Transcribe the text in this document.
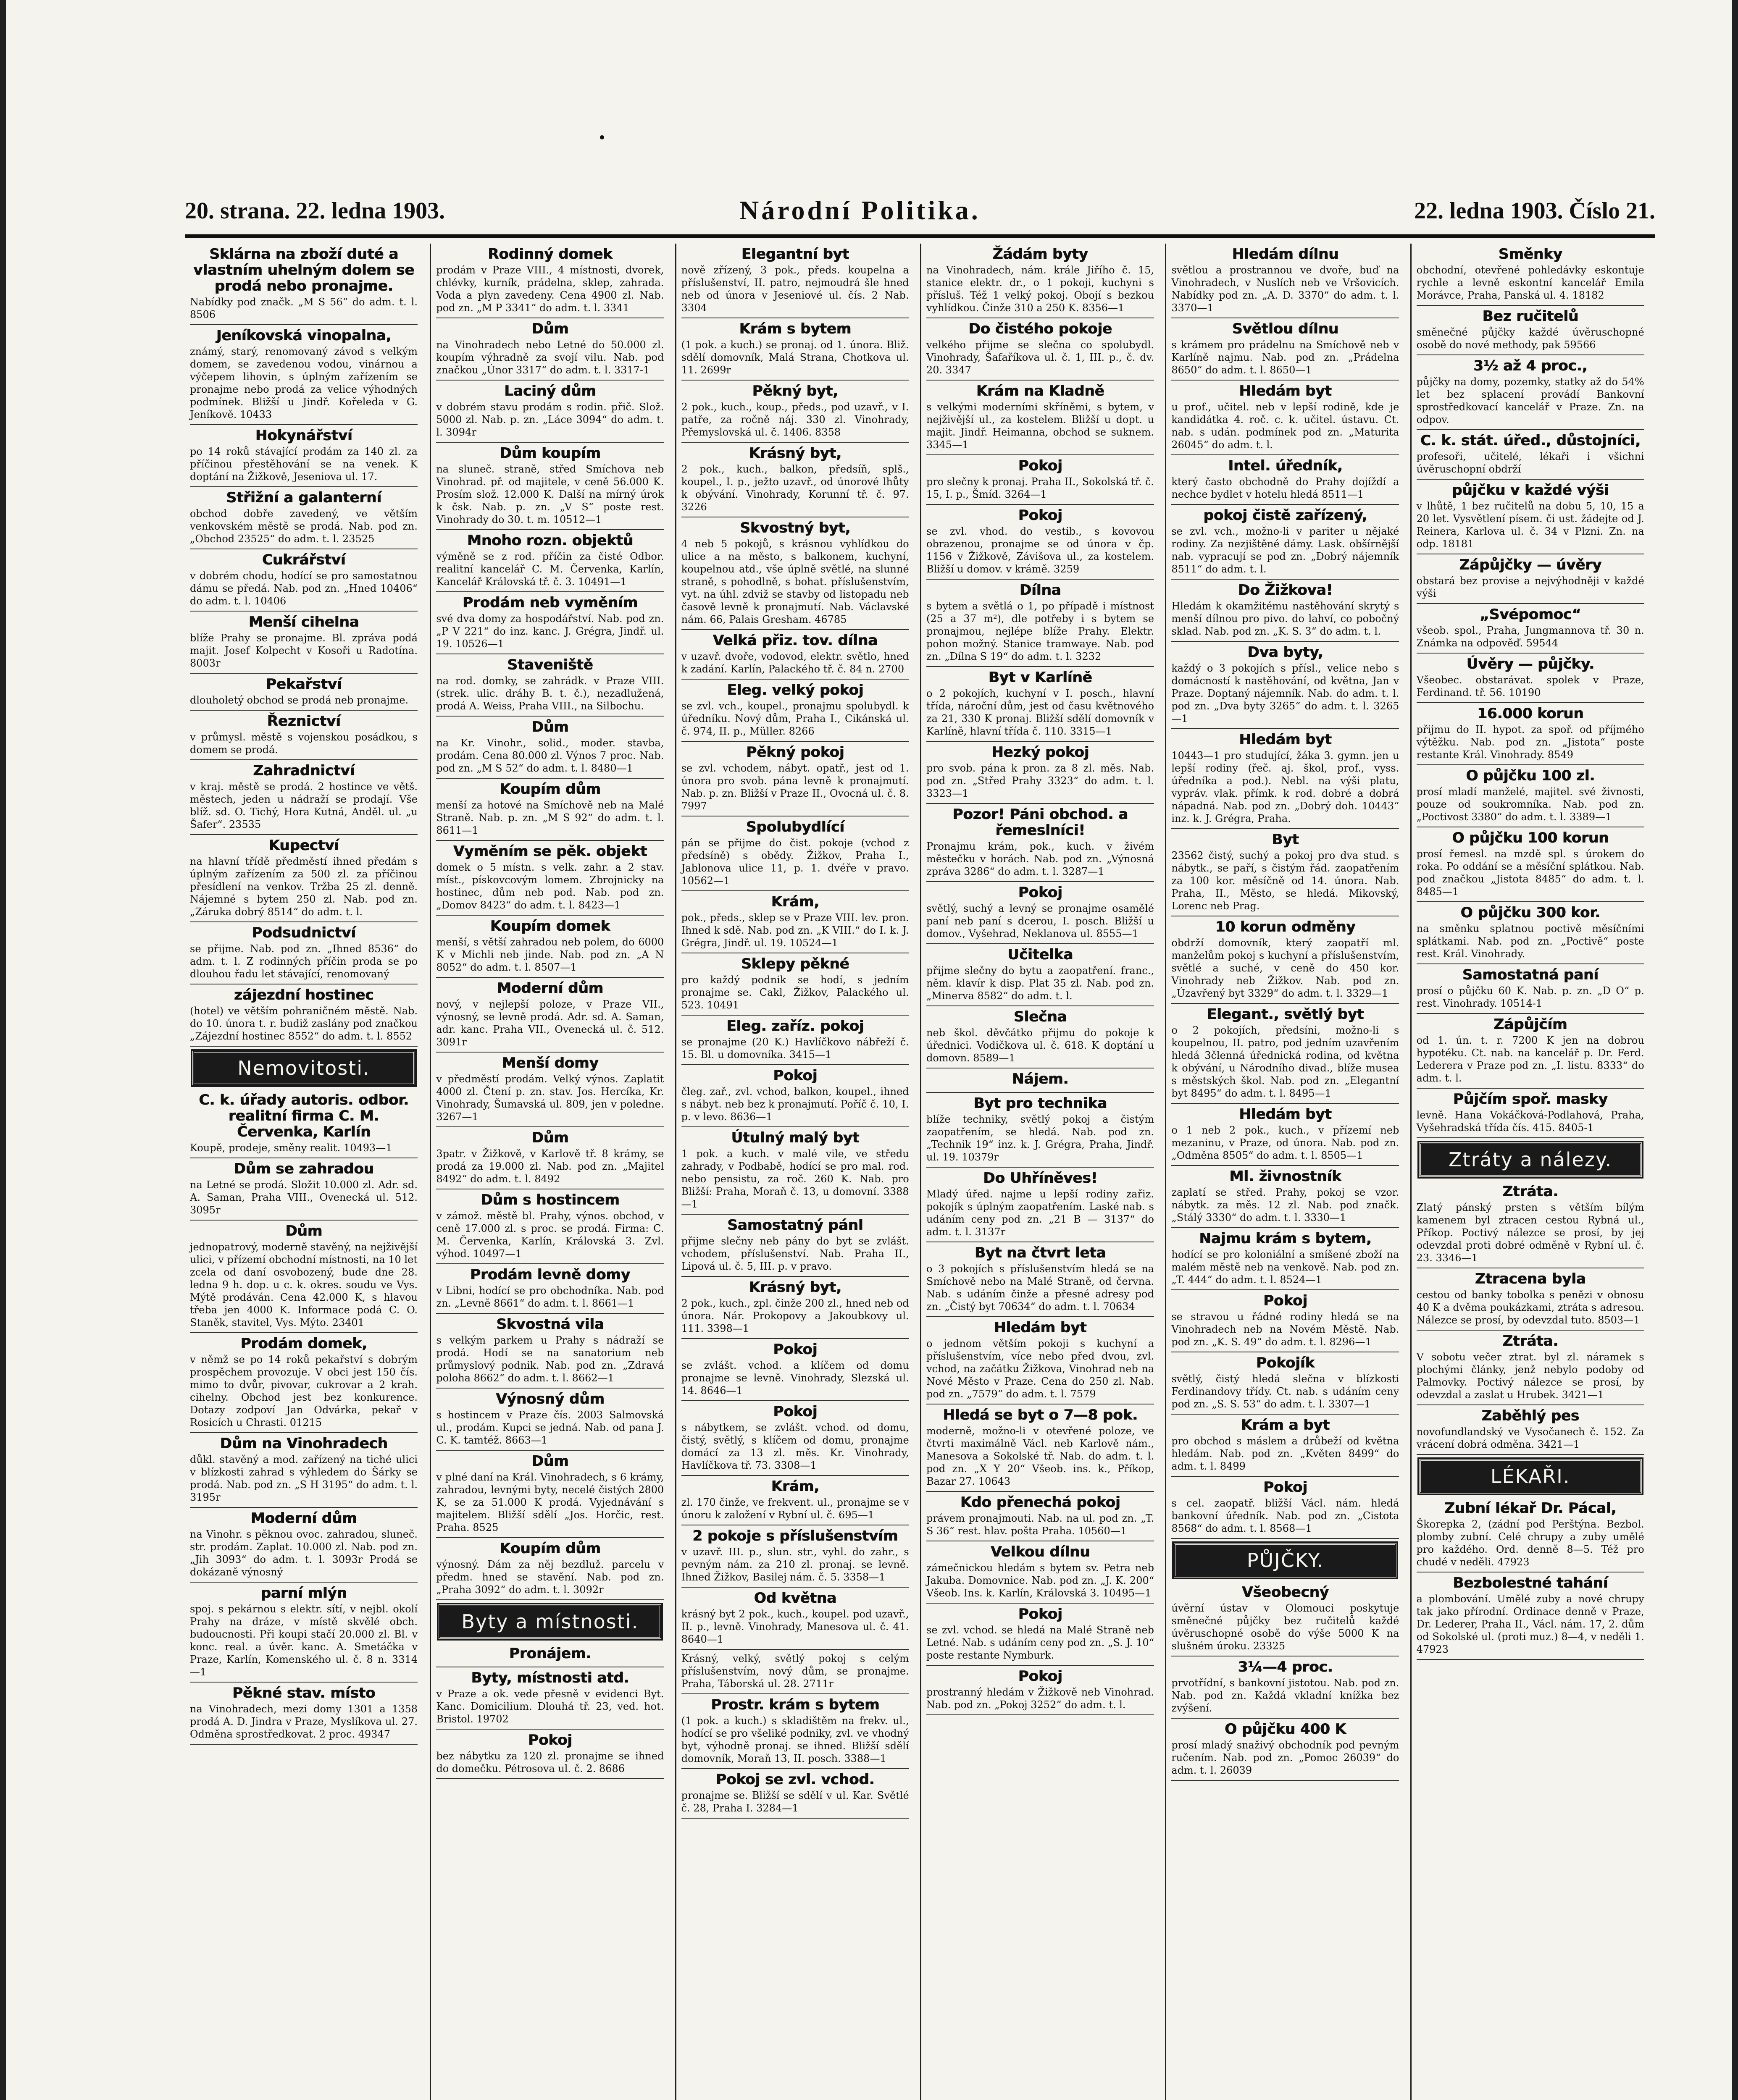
20. strana. 22. ledna 1903.	Národní Politika.	22. ledna 1903. Číslo 21.
Sklárna na zboží duté a vlastním uhelným dolem se prodá nebo pronajme.

Nabídky pod značk. „M S 56“ do adm. t. l. 8506

Jeníkovská vinopalna,

známý, starý, renomovaný závod s velkým domem, se zavedenou vodou, vinárnou a výčepem lihovin, s úplným zařízením se pronajme nebo prodá za velice výhodných podmínek. Bližší u Jindř. Kořeleda v G. Jeníkově. 10433

Hokynářství

po 14 roků stávající prodám za 140 zl. za příčinou přestěhování se na venek. K doptání na Žižkově, Jeseniova ul. 17.

Střižní a galanterní

obchod dobře zavedený, ve větším venkovském městě se prodá. Nab. pod zn. „Obchod 23525“ do adm. t. l. 23525

Cukrářství

v dobrém chodu, hodící se pro samostatnou dámu se předá. Nab. pod zn. „Hned 10406“ do adm. t. l. 10406

Menší cihelna

blíže Prahy se pronajme. Bl. zpráva podá majit. Josef Kolpecht v Kosoři u Radotína. 8003r

Pekařství

dlouholetý obchod se prodá neb pronajme.

Řeznictví

v průmysl. městě s vojenskou posádkou, s domem se prodá.

Zahradnictví

v kraj. městě se prodá. 2 hostince ve větš. městech, jeden u nádraží se prodají. Vše blíž. sd. O. Tichý, Hora Kutná, Anděl. ul. „u Šafer“. 23535

Kupectví

na hlavní třídě předměstí ihned předám s úplným zařízením za 500 zl. za příčinou přesídlení na venkov. Tržba 25 zl. denně. Nájemné s bytem 250 zl. Nab. pod zn. „Záruka dobrý 8514“ do adm. t. l.

Podsudnictví

se přijme. Nab. pod zn. „Ihned 8536“ do adm. t. l. Z rodinných příčin proda se po dlouhou řadu let stávající, renomovaný

zájezdní hostinec

(hotel) ve větším pohraničném městě. Nab. do 10. února t. r. budiž zaslány pod značkou „Zájezdní hostinec 8552“ do adm. t. l. 8552

Nemovitosti.
C. k. úřady autoris. odbor. realitní firma C. M. Červenka, Karlín

Koupě, prodeje, směny realit. 10493—1

Dům se zahradou

na Letné se prodá. Složit 10.000 zl. Adr. sd. A. Saman, Praha VIII., Ovenecká ul. 512. 3095r

Dům

jednopatrový, moderně stavěný, na nejživější ulici, v přízemí obchodní místnosti, na 10 let zcela od daní osvobozený, bude dne 28. ledna 9 h. dop. u c. k. okres. soudu ve Vys. Mýtě prodáván. Cena 42.000 K, s hlavou třeba jen 4000 K. Informace podá C. O. Staněk, stavitel, Vys. Mýto. 23401

Prodám domek,

v němž se po 14 roků pekařství s dobrým prospěchem provozuje. V obci jest 150 čís. mimo to dvůr, pivovar, cukrovar a 2 krah. cihelny. Obchod jest bez konkurence. Dotazy zodpoví Jan Odvárka, pekař v Rosicích u Chrasti. 01215

Dům na Vinohradech

důkl. stavěný a mod. zařízený na tiché ulici v blízkosti zahrad s výhledem do Šárky se prodá. Nab. pod zn. „S H 3195“ do adm. t. l. 3195r

Moderní dům

na Vinohr. s pěknou ovoc. zahradou, sluneč. str. prodám. Zaplat. 10.000 zl. Nab. pod zn. „Jih 3093“ do adm. t. l. 3093r Prodá se dokázaně výnosný

parní mlýn

spoj. s pekárnou s elektr. sítí, v nejbl. okolí Prahy na dráze, v místě skvělé obch. budoucnosti. Při koupi stačí 20.000 zl. Bl. v konc. real. a úvěr. kanc. A. Smetáčka v Praze, Karlín, Komenského ul. č. 8 n. 3314—1

Pěkné stav. místo

na Vinohradech, mezi domy 1301 a 1358 prodá A. D. Jindra v Praze, Myslíkova ul. 27. Odměna sprostředkovat. 2 proc. 49347

Rodinný domek

prodám v Praze VIII., 4 místnosti, dvorek, chlévky, kurník, prádelna, sklep, zahrada. Voda a plyn zavedeny. Cena 4900 zl. Nab. pod zn. „M P 3341“ do adm. t. l. 3341

Dům

na Vinohradech nebo Letné do 50.000 zl. koupím výhradně za svojí vilu. Nab. pod značkou „Únor 3317“ do adm. t. l. 3317-1

Laciný dům

v dobrém stavu prodám s rodin. přič. Slož. 5000 zl. Nab. p. zn. „Láce 3094“ do adm. t. l. 3094r

Dům koupím

na sluneč. straně, střed Smíchova neb Vinohrad. př. od majitele, v ceně 56.000 K. Prosím slož. 12.000 K. Další na mírný úrok k čsk. Nab. p. zn. „V S“ poste rest. Vinohrady do 30. t. m. 10512—1

Mnoho rozn. objektů

výměně se z rod. příčin za čisté Odbor. realitní kancelář C. M. Červenka, Karlín, Kancelář Královská tř. č. 3. 10491—1

Prodám neb vyměním

své dva domy za hospodářství. Nab. pod zn. „P V 221“ do inz. kanc. J. Grégra, Jindř. ul. 19. 10526—1

Staveniště

na rod. domky, se zahrádk. v Praze VIII. (strek. ulic. dráhy B. t. č.), nezadlužená, prodá A. Weiss, Praha VIII., na Silbochu.

Dům

na Kr. Vinohr., solid., moder. stavba, prodám. Cena 80.000 zl. Výnos 7 proc. Nab. pod zn. „M S 52“ do adm. t. l. 8480—1

Koupím dům

menší za hotové na Smíchově neb na Malé Straně. Nab. p. zn. „M S 92“ do adm. t. l. 8611—1

Vyměním se pěk. objekt

domek o 5 místn. s velk. zahr. a 2 stav. míst., pískovcovým lomem. Zbrojnicky na hostinec, dům neb pod. Nab. pod zn. „Domov 8423“ do adm. t. l. 8423—1

Koupím domek

menší, s větší zahradou neb polem, do 6000 K v Michli neb jinde. Nab. pod zn. „A N 8052“ do adm. t. l. 8507—1

Moderní dům

nový, v nejlepší poloze, v Praze VII., výnosný, se levně prodá. Adr. sd. A. Saman, adr. kanc. Praha VII., Ovenecká ul. č. 512. 3091r

Menší domy

v předměstí prodám. Velký výnos. Zaplatit 4000 zl. Čtení p. zn. stav. Jos. Hercíka, Kr. Vinohrady, Šumavská ul. 809, jen v poledne. 3267—1

Dům

3patr. v Žižkově, v Karlově tř. 8 krámy, se prodá za 19.000 zl. Nab. pod zn. „Majitel 8492“ do adm. t. l. 8492

Dům s hostincem

v zámož. městě bl. Prahy, výnos. obchod, v ceně 17.000 zl. s proc. se prodá. Firma: C. M. Červenka, Karlín, Královská 3. Zvl. výhod. 10497—1

Prodám levně domy

v Libni, hodící se pro obchodníka. Nab. pod zn. „Levně 8661“ do adm. t. l. 8661—1

Skvostná vila

s velkým parkem u Prahy s nádraží se prodá. Hodí se na sanatorium neb průmyslový podnik. Nab. pod zn. „Zdravá poloha 8662“ do adm. t. l. 8662—1

Výnosný dům

s hostincem v Praze čís. 2003 Salmovská ul., prodám. Kupci se jedná. Nab. od pana J. C. K. tamtéž. 8663—1

Dům

v plné daní na Král. Vinohradech, s 6 krámy, zahradou, levnými byty, necelé čistých 2800 K, se za 51.000 K prodá. Vyjednávání s majitelem. Bližší sdělí „Jos. Horčic, rest. Praha. 8525

Koupím dům

výnosný. Dám za něj bezdluž. parcelu v předm. hned se stavění. Nab. pod zn. „Praha 3092“ do adm. t. l. 3092r

Byty a místnosti.
Pronájem.
Byty, místnosti atd.

v Praze a ok. vede přesně v evidenci Byt. Kanc. Domicilium. Dlouhá tř. 23, ved. hot. Bristol. 19702

Pokoj

bez nábytku za 120 zl. pronajme se ihned do domečku. Pétrosova ul. č. 2. 8686

Elegantní byt

nově zřízený, 3 pok., předs. koupelna a příslušenství, II. patro, nejmoudrá šle hned neb od února v Jeseniové ul. čís. 2 Nab. 3304

Krám s bytem

(1 pok. a kuch.) se pronaj. od 1. února. Bliž. sdělí domovník, Malá Strana, Chotkova ul. 11. 2699r

Pěkný byt,

2 pok., kuch., koup., předs., pod uzavř., v I. patře, za ročně náj. 330 zl. Vinohrady, Přemyslovská ul. č. 1406. 8358

Krásný byt,

2 pok., kuch., balkon, předsíň, splš., koupel., I. p., ježto uzavř., od únorové lhůty k obývání. Vinohrady, Korunní tř. č. 97. 3226

Skvostný byt,

4 neb 5 pokojů, s krásnou vyhlídkou do ulice a na město, s balkonem, kuchyní, koupelnou atd., vše úplně světlé, na slunné straně, s pohodlně, s bohat. příslušenstvím, vyt. na úhl. zdviž se stavby od listopadu neb časově levně k pronajmutí. Nab. Václavské nám. 66, Palais Gresham. 46785

Velká přiz. tov. dílna

v uzavř. dvoře, vodovod, elektr. světlo, hned k zadání. Karlín, Palackého tř. č. 84 n. 2700

Eleg. velký pokoj

se zvl. vch., koupel., pronajmu spolubydl. k úředníku. Nový dům, Praha I., Cikánská ul. č. 974, II. p., Müller. 8266

Pěkný pokoj

se zvl. vchodem, nábyt. opatř., jest od 1. února pro svob. pána levně k pronajmutí. Nab. p. zn. Bližší v Praze II., Ovocná ul. č. 8. 7997

Spolubydlící

pán se přijme do čist. pokoje (vchod z předsíně) s obědy. Žižkov, Praha I., Jablonova ulice 11, p. 1. dvéře v pravo. 10562—1

Krám,

pok., předs., sklep se v Praze VIII. lev. pron. Ihned k sdě. Nab. pod zn. „K VIII.“ do I. k. J. Grégra, Jindř. ul. 19. 10524—1

Sklepy pěkné

pro každý podnik se hodí, s jedním pronajme se. Cakl, Žižkov, Palackého ul. 523. 10491

Eleg. zaříz. pokoj

se pronajme (20 K.) Havlíčkovo nábřeží č. 15. Bl. u domovníka. 3415—1

Pokoj

čleg. zař., zvl. vchod, balkon, koupel., ihned s nábyt. neb bez k pronajmutí. Poříč č. 10, I. p. v levo. 8636—1

Útulný malý byt

1 pok. a kuch. v malé vile, ve středu zahrady, v Podbabě, hodící se pro mal. rod. nebo pensistu, za roč. 260 K. Nab. pro Bližší: Praha, Moraň č. 13, u domovní. 3388—1

Samostatný pánl

přijme slečny neb pány do byt se zvlášt. vchodem, příslušenství. Nab. Praha II., Lipová ul. č. 5, III. p. v pravo.

Krásný byt,

2 pok., kuch., zpl. činže 200 zl., hned neb od února. Nár. Prokopovy a Jakoubkovy ul. 111. 3398—1

Pokoj

se zvlášt. vchod. a klíčem od domu pronajme se levně. Vinohrady, Slezská ul. 14. 8646—1

Pokoj

s nábytkem, se zvlášt. vchod. od domu, čistý, světlý, s klíčem od domu, pronajme domácí za 13 zl. měs. Kr. Vinohrady, Havlíčkova tř. 73. 3308—1

Krám,

zl. 170 činže, ve frekvent. ul., pronajme se v únoru k založení v Rybní ul. č. 695—1

2 pokoje s příslušenstvím

v uzavř. III. p., slun. str., vyhl. do zahr., s pevným nám. za 210 zl. pronaj. se levně. Ihned Žižkov, Basilej nám. č. 5. 3358—1

Od května

krásný byt 2 pok., kuch., koupel. pod uzavř., II. p., levně. Vinohrady, Manesova ul. č. 41. 8640—1

Krásný, velký, světlý pokoj s celým příslušenstvím, nový dům, se pronajme. Praha, Táborská ul. 28. 2711r

Prostr. krám s bytem

(1 pok. a kuch.) s skladištěm na frekv. ul., hodící se pro všeliké podniky, zvl. ve vhodný byt, výhodně pronaj. se ihned. Bližší sdělí domovník, Moraň 13, II. posch. 3388—1

Pokoj se zvl. vchod.

pronajme se. Bližší se sdělí v ul. Kar. Světlé č. 28, Praha I. 3284—1

Žádám byty

na Vinohradech, nám. krále Jiřího č. 15, stanice elektr. dr., o 1 pokoji, kuchyni s přísluš. Též 1 velký pokoj. Obojí s bezkou vyhlídkou. Činže 310 a 250 K. 8356—1

Do čistého pokoje

velkého přijme se slečna co spolubydl. Vinohrady, Šafaříkova ul. č. 1, III. p., č. dv. 20. 3347

Krám na Kladně

s velkými moderními skříněmi, s bytem, v nejživější ul., za kostelem. Bližší u dopt. u majit. Jindř. Heimanna, obchod se suknem. 3345—1

Pokoj

pro slečny k pronaj. Praha II., Sokolská tř. č. 15, I. p., Šmíd. 3264—1

Pokoj

se zvl. vhod. do vestib., s kovovou obrazenou, pronajme se od února v čp. 1156 v Žižkově, Závišova ul., za kostelem. Bližší u domov. v krámě. 3259

Dílna

s bytem a světlá o 1, po případě i místnost (25 a 37 m²), dle potřeby i s bytem se pronajmou, nejlépe blíže Prahy. Elektr. pohon možný. Stanice tramwaye. Nab. pod zn. „Dílna S 19“ do adm. t. l. 3232

Byt v Karlíně

o 2 pokojích, kuchyní v I. posch., hlavní třída, nároční dům, jest od času květnového za 21, 330 K pronaj. Bližší sdělí domovník v Karlíně, hlavní třída č. 110. 3315—1

Hezký pokoj

pro svob. pána k pron. za 8 zl. měs. Nab. pod zn. „Střed Prahy 3323“ do adm. t. l. 3323—1

Pozor! Páni obchod. a řemeslníci!

Pronajmu krám, pok., kuch. v živém městečku v horách. Nab. pod zn. „Výnosná zpráva 3286“ do adm. t. l. 3287—1

Pokoj

světlý, suchý a levný se pronajme osamělé paní neb paní s dcerou, I. posch. Bližší u domov., Vyšehrad, Neklanova ul. 8555—1

Učitelka

přijme slečny do bytu a zaopatření. franc., něm. klavír k disp. Plat 35 zl. Nab. pod zn. „Minerva 8582“ do adm. t. l.

Slečna

neb škol. děvčátko přijmu do pokoje k úřednici. Vodičkova ul. č. 618. K doptání u domovn. 8589—1

Nájem.
Byt pro technika

blíže techniky, světlý pokoj a čistým zaopatřením, se hledá. Nab. pod zn. „Technik 19“ inz. k. J. Grégra, Praha, Jindř. ul. 19. 10379r

Do Uhříněves!

Mladý úřed. najme u lepší rodiny zařiz. pokojík s úplným zaopatřením. Laské nab. s udáním ceny pod zn. „21 B — 3137“ do adm. t. l. 3137r

Byt na čtvrt leta

o 3 pokojích s příslušenstvím hledá se na Smíchově nebo na Malé Straně, od června. Nab. s udáním činže a přesné adresy pod zn. „Čistý byt 70634“ do adm. t. l. 70634

Hledám byt

o jednom větším pokoji s kuchyní a příslušenstvím, více nebo před dvou, zvl. vchod, na začátku Žižkova, Vinohrad neb na Nové Město v Praze. Cena do 250 zl. Nab. pod zn. „7579“ do adm. t. l. 7579

Hledá se byt o 7—8 pok.

moderně, možno-li v otevřené poloze, ve čtvrti maximálně Václ. neb Karlově nám., Manesova a Sokolské tř. Nab. do adm. t. l. pod zn. „X Y 20“ Všeob. ins. k., Příkop, Bazar 27. 10643

Kdo přenechá pokoj

právem pronajmouti. Nab. na ul. pod zn. „T. S 36“ rest. hlav. pošta Praha. 10560—1

Velkou dílnu

zámečnickou hledám s bytem sv. Petra neb Jakuba. Domovnice. Nab. pod zn. „J. K. 200“ Všeob. Ins. k. Karlín, Královská 3. 10495—1

Pokoj

se zvl. vchod. se hledá na Malé Straně neb Letné. Nab. s udáním ceny pod zn. „S. J. 10“ poste restante Nymburk.

Pokoj

prostranný hledám v Žižkově neb Vinohrad. Nab. pod zn. „Pokoj 3252“ do adm. t. l.

Hledám dílnu

světlou a prostrannou ve dvoře, buď na Vinohradech, v Nuslích neb ve Vršovicích. Nabídky pod zn. „A. D. 3370“ do adm. t. l. 3370—1

Světlou dílnu

s krámem pro prádelnu na Smíchově neb v Karlíně najmu. Nab. pod zn. „Prádelna 8650“ do adm. t. l. 8650—1

Hledám byt

u prof., učitel. neb v lepší rodině, kde je kandidátka 4. roč. c. k. učitel. ústavu. Ct. nab. s udán. podmínek pod zn. „Maturita 26045“ do adm. t. l.

Intel. úředník,

který často obchodně do Prahy dojíždí a nechce bydlet v hotelu hledá 8511—1

pokoj čistě zařízený,

se zvl. vch., možno-li v pariter u nějaké rodiny. Za nezjištěné dámy. Lask. obšírnější nab. vypracují se pod zn. „Dobrý nájemník 8511“ do adm. t. l.

Do Žižkova!

Hledám k okamžitému nastěhování skrytý s menší dílnou pro pivo. do lahví, co pobočný sklad. Nab. pod zn. „K. S. 3“ do adm. t. l.

Dva byty,

každý o 3 pokojích s přísl., velice nebo s domácností k nastěhování, od května, Jan v Praze. Doptaný nájemník. Nab. do adm. t. l. pod zn. „Dva byty 3265“ do adm. t. l. 3265—1

Hledám byt

10443—1 pro studující, žáka 3. gymn. jen u lepší rodiny (řeč. aj. škol, prof., vyss. úředníka a pod.). Nebl. na výši platu, vypráv. vlak. přímk. k rod. dobré a dobrá nápadná. Nab. pod zn. „Dobrý doh. 10443“ inz. k. J. Grégra, Praha.

Byt

23562 čistý, suchý a pokoj pro dva stud. s nábytk., se paří, s čistým řád. zaopatřením za 100 kor. měsíčně od 14. února. Nab. Praha, II., Město, se hledá. Mikovský, Lorenc neb Prag.

10 korun odměny

obdrží domovník, který zaopatří ml. manželům pokoj s kuchyní a příslušenstvím, světlé a suché, v ceně do 450 kor. Vinohrady neb Žižkov. Nab. pod zn. „Úzavřený byt 3329“ do adm. t. l. 3329—1

Elegant., světlý byt

o 2 pokojích, předsíni, možno-li s koupelnou, II. patro, pod jedním uzavřením hledá 3členná úřednická rodina, od května k obývání, u Národního divad., blíže musea s městských škol. Nab. pod zn. „Elegantní byt 8495“ do adm. t. l. 8495—1

Hledám byt

o 1 neb 2 pok., kuch., v přízemí neb mezaninu, v Praze, od února. Nab. pod zn. „Odměna 8505“ do adm. t. l. 8505—1

Ml. živnostník

zaplatí se střed. Prahy, pokoj se vzor. nábytk. za měs. 12 zl. Nab. pod značk. „Stálý 3330“ do adm. t. l. 3330—1

Najmu krám s bytem,

hodící se pro koloniální a smíšené zboží na malém městě neb na venkově. Nab. pod zn. „T. 444“ do adm. t. l. 8524—1

Pokoj

se stravou u řádné rodiny hledá se na Vinohradech neb na Novém Městě. Nab. pod zn. „K. S. 49“ do adm. t. l. 8296—1

Pokojík

světlý, čistý hledá slečna v blízkosti Ferdinandovy třídy. Ct. nab. s udáním ceny pod zn. „S. S. 53“ do adm. t. l. 3307—1

Krám a byt

pro obchod s máslem a drůbeží od května hledám. Nab. pod zn. „Květen 8499“ do adm. t. l. 8499

Pokoj

s cel. zaopatř. bližší Václ. nám. hledá bankovní úředník. Nab. pod zn. „Cistota 8568“ do adm. t. l. 8568—1

PŮJČKY.
Všeobecný

úvěrní ústav v Olomouci poskytuje směnečné půjčky bez ručitelů každé úvěruschopné osobě do výše 5000 K na slušném úroku. 23325

3¼—4 proc.

prvotřídní, s bankovní jistotou. Nab. pod zn. Nab. pod zn. Každá vkladní knížka bez zvýšení.

O půjčku 400 K

prosí mladý snaživý obchodník pod pevným ručením. Nab. pod zn. „Pomoc 26039“ do adm. t. l. 26039

Směnky

obchodní, otevřené pohledávky eskontuje rychle a levně eskontní kancelář Emila Morávce, Praha, Panská ul. 4. 18182

Bez ručitelů

směnečné půjčky každé úvěruschopné osobě do nové methody, pak 59566

3½ až 4 proc.,

půjčky na domy, pozemky, statky až do 54% let bez splacení provádí Bankovní sprostředkovací kancelář v Praze. Zn. na odpov.

C. k. stát. úřed., důstojníci,

profesoři, učitelé, lékaři i všichni úvěruschopní obdrží

půjčku v každé výši

v lhůtě, 1 bez ručitelů na dobu 5, 10, 15 a 20 let. Vysvětlení písem. či ust. žádejte od J. Reinera, Karlova ul. č. 34 v Plzni. Zn. na odp. 18181

Zápůjčky — úvěry

obstará bez provise a nejvýhodněji v každé výši

„Svépomoc“

všeob. spol., Praha, Jungmannova tř. 30 n. Známka na odpověď. 59544

Úvěry — půjčky.

Všeobec. obstarávat. spolek v Praze, Ferdinand. tř. 56. 10190

16.000 korun

přijmu do II. hypot. za spoř. od příjmého výtěžku. Nab. pod zn. „Jistota“ poste restante Král. Vinohrady. 8549

O půjčku 100 zl.

prosí mladí manželé, majitel. své živnosti, pouze od soukromníka. Nab. pod zn. „Poctivost 3380“ do adm. t. l. 3389—1

O půjčku 100 korun

prosí řemesl. na mzdě spl. s úrokem do roka. Po oddání se a měsíční splátkou. Nab. pod značkou „Jistota 8485“ do adm. t. l. 8485—1

O půjčku 300 kor.

na směnku splatnou poctivě měsíčními splátkami. Nab. pod zn. „Poctivě“ poste rest. Král. Vinohrady.

Samostatná paní

prosí o půjčku 60 K. Nab. p. zn. „D O“ p. rest. Vinohrady. 10514-1

Zápůjčím

od 1. ún. t. r. 7200 K jen na dobrou hypotéku. Ct. nab. na kancelář p. Dr. Ferd. Lederera v Praze pod zn. „I. listu. 8333“ do adm. t. l.

Půjčím spoř. masky

levně. Hana Vokáčková-Podlahová, Praha, Vyšehradská třída čís. 415. 8405-1

Ztráty a nálezy.
Ztráta.

Zlatý pánský prsten s větším bílým kamenem byl ztracen cestou Rybná ul., Příkop. Poctivý nálezce se prosí, by jej odevzdal proti dobré odměně v Rybní ul. č. 23. 3346—1

Ztracena byla

cestou od banky tobolka s penězi v obnosu 40 K a dvěma poukázkami, ztráta s adresou. Nálezce se prosí, by odevzdal tuto. 8503—1

Ztráta.

V sobotu večer ztrat. byl zl. náramek s plochými články, jenž nebylo podoby od Palmovky. Poctivý nálezce se prosí, by odevzdal a zaslat u Hrubek. 3421—1

Zaběhlý pes

novofundlandský ve Vysočanech č. 152. Za vrácení dobrá odměna. 3421—1

LÉKAŘI.
Zubní lékař Dr. Pácal,

Škorepka 2, (zádní pod Perštýna. Bezbol. plomby zubní. Celé chrupy a zuby umělé pro každého. Ord. denně 8—5. Též pro chudé v neděli. 47923

Bezbolestné tahání

a plombování. Umělé zuby a nové chrupy tak jako přírodní. Ordinace denně v Praze, Dr. Lederer, Praha II., Václ. nám. 17, 2. dům od Sokolské ul. (proti muz.) 8—4, v neděli 1. 47923
